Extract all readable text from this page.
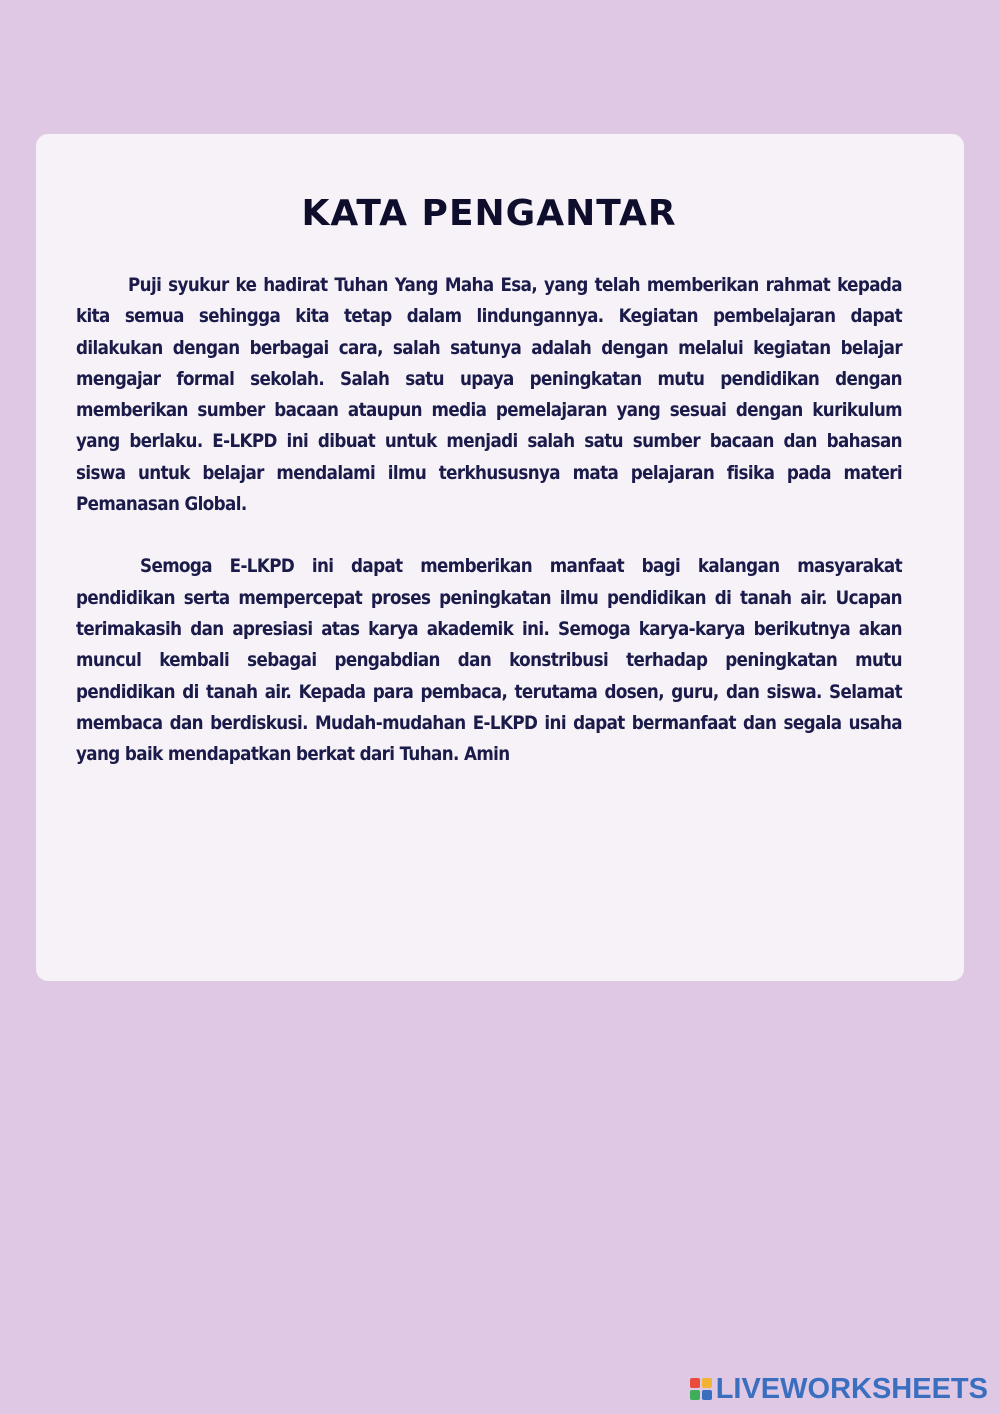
KATA PENGANTAR

Puji syukur ke hadirat Tuhan Yang Maha Esa, yang telah memberikan rahmat kepada kita semua sehingga kita tetap dalam lindungannya. Kegiatan pembelajaran dapat dilakukan dengan berbagai cara, salah satunya adalah dengan melalui kegiatan belajar mengajar formal sekolah. Salah satu upaya peningkatan mutu pendidikan dengan memberikan sumber bacaan ataupun media pemelajaran yang sesuai dengan kurikulum yang berlaku. E-LKPD ini dibuat untuk menjadi salah satu sumber bacaan dan bahasan siswa untuk belajar mendalami ilmu terkhususnya mata pelajaran fisika pada materi Pemanasan Global.

Semoga E-LKPD ini dapat memberikan manfaat bagi kalangan masyarakat pendidikan serta mempercepat proses peningkatan ilmu pendidikan di tanah air. Ucapan terimakasih dan apresiasi atas karya akademik ini. Semoga karya-karya berikutnya akan muncul kembali sebagai pengabdian dan konstribusi terhadap peningkatan mutu pendidikan di tanah air. Kepada para pembaca, terutama dosen, guru, dan siswa. Selamat membaca dan berdiskusi. Mudah-mudahan E-LKPD ini dapat bermanfaat dan segala usaha yang baik mendapatkan berkat dari Tuhan. Amin

LIVEWORKSHEETS
